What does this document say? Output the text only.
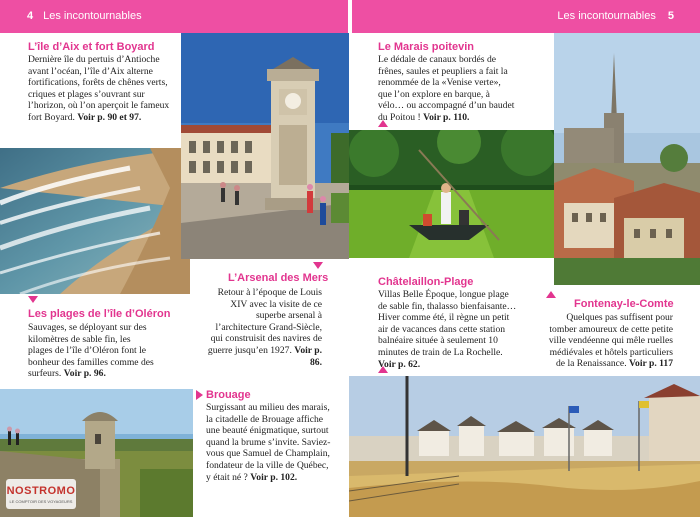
4 Les incontournables	Les incontournables 5
L’île d’Aix et fort Boyard

Dernière île du pertuis d’Antioche avant l’océan, l’île d’Aix alterne fortifications, forêts de chênes verts, criques et plages s’ouvrant sur l’horizon, où l’on aperçoit le fameux fort Boyard. Voir p. 90 et 97.

Les plages de l’île d’Oléron

Sauvages, se déployant sur des kilomètres de sable fin, les plages de l’île d’Oléron font le bonheur des familles comme des surfeurs. Voir p. 96.

L’Arsenal des Mers

Retour à l’époque de Louis XIV avec la visite de ce superbe arsenal à l’architecture Grand-Siècle, qui construisit des navires de guerre jusqu’en 1927. Voir p. 86.

Le Marais poitevin

Le dédale de canaux bordés de frênes, saules et peupliers a fait la renommée de la «Venise verte», que l’on explore en barque, à vélo… ou accompagné d’un baudet du Poitou ! Voir p. 110.

Châtelaillon-Plage

Villas Belle Époque, longue plage de sable fin, thalasso bienfaisante… Hiver comme été, il règne un petit air de vacances dans cette station balnéaire située à seulement 10 minutes de train de La Rochelle. Voir p. 62.

Fontenay-le-Comte

Quelques pas suffisent pour tomber amoureux de cette petite ville vendéenne qui mêle ruelles médiévales et hôtels particuliers de la Renaissance. Voir p. 117

Brouage

Surgissant au milieu des marais, la citadelle de Brouage affiche une beauté énigmatique, surtout quand la brume s’invite. Saviez-vous que Samuel de Champlain, fondateur de la ville de Québec, y était né ? Voir p. 102.

NOSTROMO
LE COMPTOIR DES VOYAGEURS
